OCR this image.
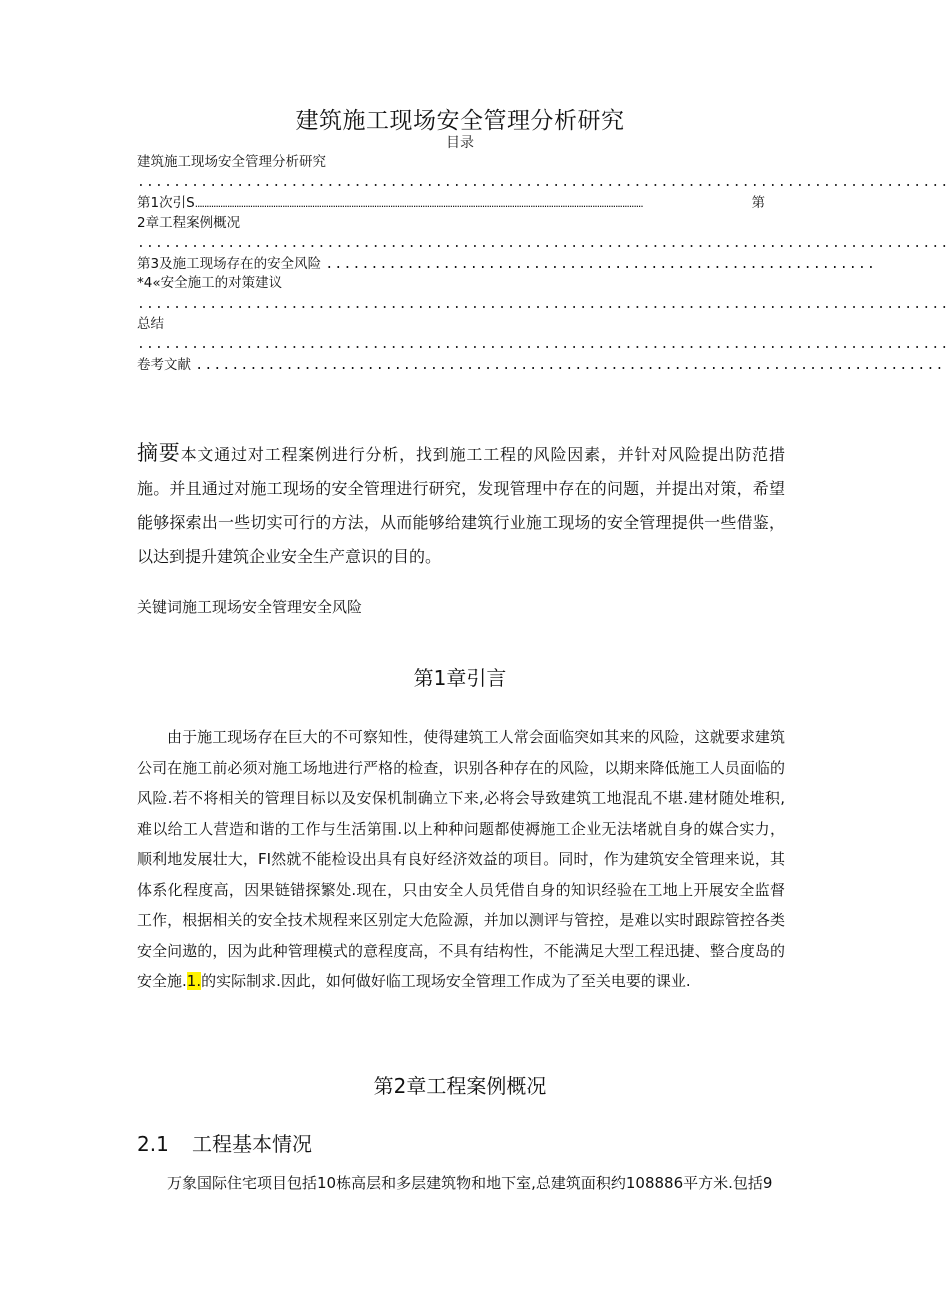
建筑施工现场安全管理分析研究
目录
建筑施工现场安全管理分析研究
..........................................................................................
第1次引S...................................................................................................................................................................................................	第
2章工程案例概况
..........................................................................................
第3及施工现场存在的安全风险 .............................................................
*4«安全施工的对策建议
..........................................................................................
总结
..........................................................................................
卷考文献 ...................................................................................
摘要本文通过对工程案例进行分析，找到施工工程的风险因素，并针对风险提出防范措施。并且通过对施工现场的安全管理进行研究，发现管理中存在的问题，并提出对策，希望能够探索出一些切实可行的方法，从而能够给建筑行业施工现场的安全管理提供一些借鉴，以达到提升建筑企业安全生产意识的目的。
关键词施工现场安全管理安全风险
第1章引言
由于施工现场存在巨大的不可察知性，使得建筑工人常会面临突如其来的风险，这就要求建筑公司在施工前必须对施工场地进行严格的检查，识别各种存在的风险，以期来降低施工人员面临的风险.若不将相关的管理目标以及安保机制确立下来,必将会导致建筑工地混乱不堪.建材随处堆积,难以给工人营造和谐的工作与生活第围.以上种种问题都使褥施工企业无法堵就自身的媒合实力，顺利地发展壮大，FI然就不能检设出具有良好经济效益的项目。同时，作为建筑安全管理来说，其体系化程度高，因果链错探繁处.现在，只由安全人员凭借自身的知识经验在工地上开展安全监督工作，根据相关的安全技术规程来区别定大危险源，并加以测评与管控，是难以实时跟踪管控各类安全问遨的，因为此种管理模式的意程度高，不具有结构性，不能满足大型工程迅捷、整合度岛的安全施.1.的实际制求.因此，如何做好临工现场安全管理工作成为了至关电要的课业.
第2章工程案例概况
2.1 工程基本情况
万象国际住宅项目包括10栋高层和多层建筑物和地下室,总建筑面积约108886平方米.包括9
